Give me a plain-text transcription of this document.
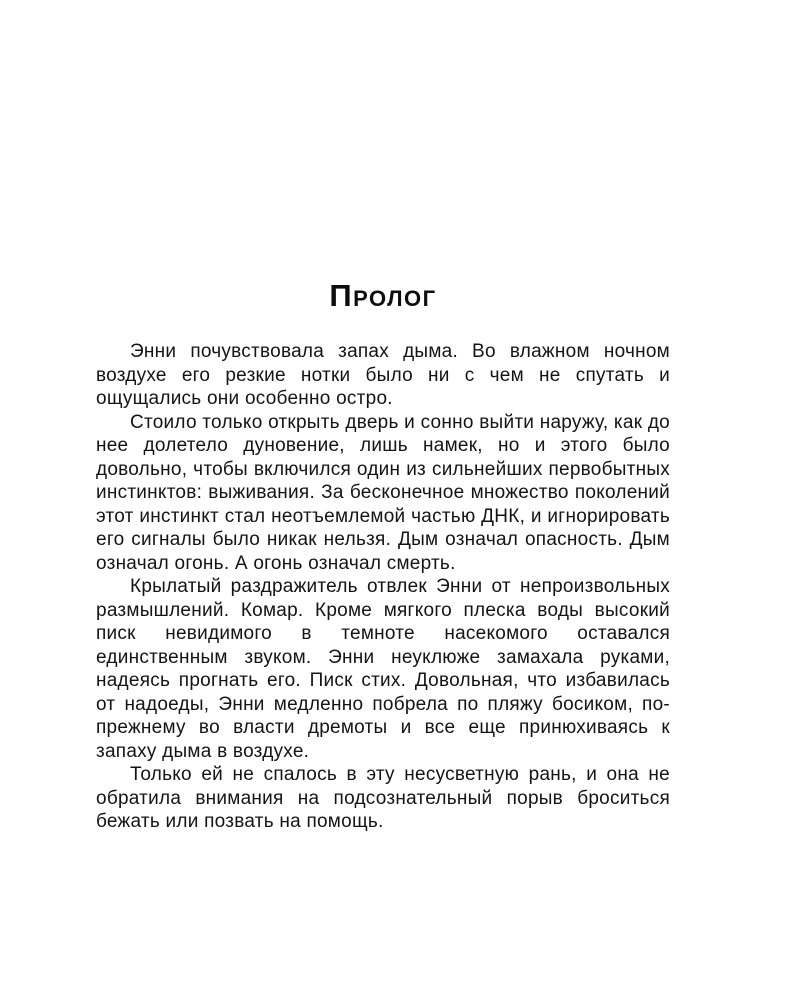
Пролог

Энни почувствовала запах дыма. Во влажном ночном воздухе его резкие нотки было ни с чем не спутать и ощущались они особенно остро.

Стоило только открыть дверь и сонно выйти наружу, как до нее долетело дуновение, лишь намек, но и этого было довольно, чтобы включился один из сильнейших первобытных инстинктов: выживания. За бесконечное множество поколений этот инстинкт стал неотъемлемой частью ДНК, и игнорировать его сигналы было никак нельзя. Дым означал опасность. Дым означал огонь. А огонь означал смерть.

Крылатый раздражитель отвлек Энни от непроизвольных размышлений. Комар. Кроме мягкого плеска воды высокий писк невидимого в темноте насекомого оставался единственным звуком. Энни неуклюже замахала руками, надеясь прогнать его. Писк стих. Довольная, что избавилась от надоеды, Энни медленно побрела по пляжу босиком, по-прежнему во власти дремоты и все еще принюхиваясь к запаху дыма в воздухе.

Только ей не спалось в эту несусветную рань, и она не обратила внимания на подсознательный порыв броситься бежать или позвать на помощь.
